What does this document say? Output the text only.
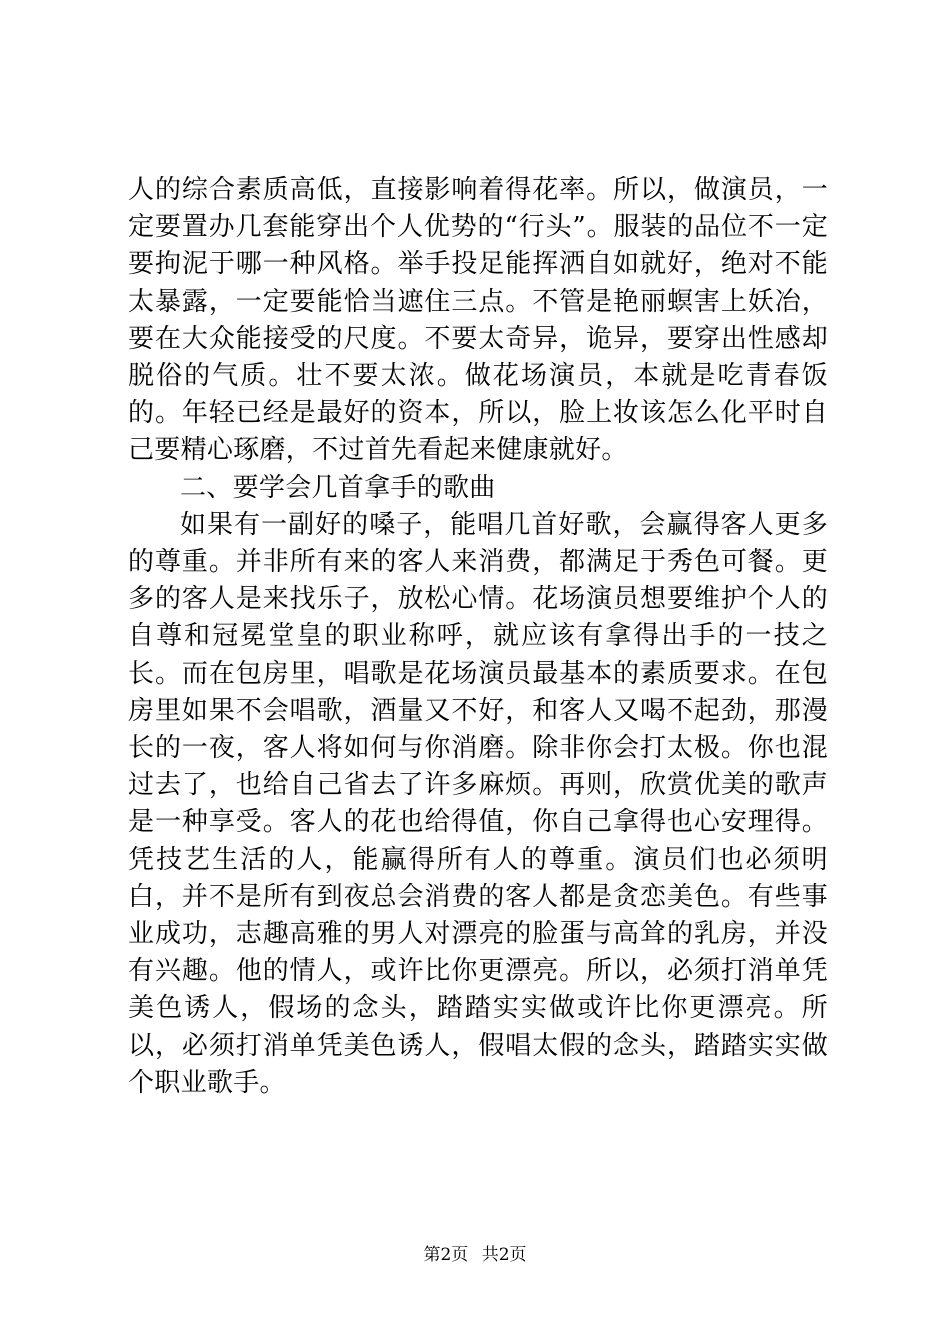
人的综合素质高低，直接影响着得花率。所以，做演员，一定要置办几套能穿出个人优势的“行头”。服装的品位不一定要拘泥于哪一种风格。举手投足能挥洒自如就好，绝对不能太暴露，一定要能恰当遮住三点。不管是艳丽螟害上妖冶，要在大众能接受的尺度。不要太奇异，诡异，要穿出性感却脱俗的气质。壮不要太浓。做花场演员，本就是吃青春饭的。年轻已经是最好的资本，所以，脸上妆该怎么化平时自己要精心琢磨，不过首先看起来健康就好。

二、要学会几首拿手的歌曲

如果有一副好的嗓子，能唱几首好歌，会赢得客人更多的尊重。并非所有来的客人来消费，都满足于秀色可餐。更多的客人是来找乐子，放松心情。花场演员想要维护个人的自尊和冠冕堂皇的职业称呼，就应该有拿得出手的一技之长。而在包房里，唱歌是花场演员最基本的素质要求。在包房里如果不会唱歌，酒量又不好，和客人又喝不起劲，那漫长的一夜，客人将如何与你消磨。除非你会打太极。你也混过去了，也给自己省去了许多麻烦。再则，欣赏优美的歌声是一种享受。客人的花也给得值，你自己拿得也心安理得。凭技艺生活的人，能赢得所有人的尊重。演员们也必须明白，并不是所有到夜总会消费的客人都是贪恋美色。有些事业成功，志趣高雅的男人对漂亮的脸蛋与高耸的乳房，并没有兴趣。他的情人，或许比你更漂亮。所以，必须打消单凭美色诱人，假场的念头，踏踏实实做或许比你更漂亮。所以，必须打消单凭美色诱人，假唱太假的念头，踏踏实实做个职业歌手。

第2页 共2页
